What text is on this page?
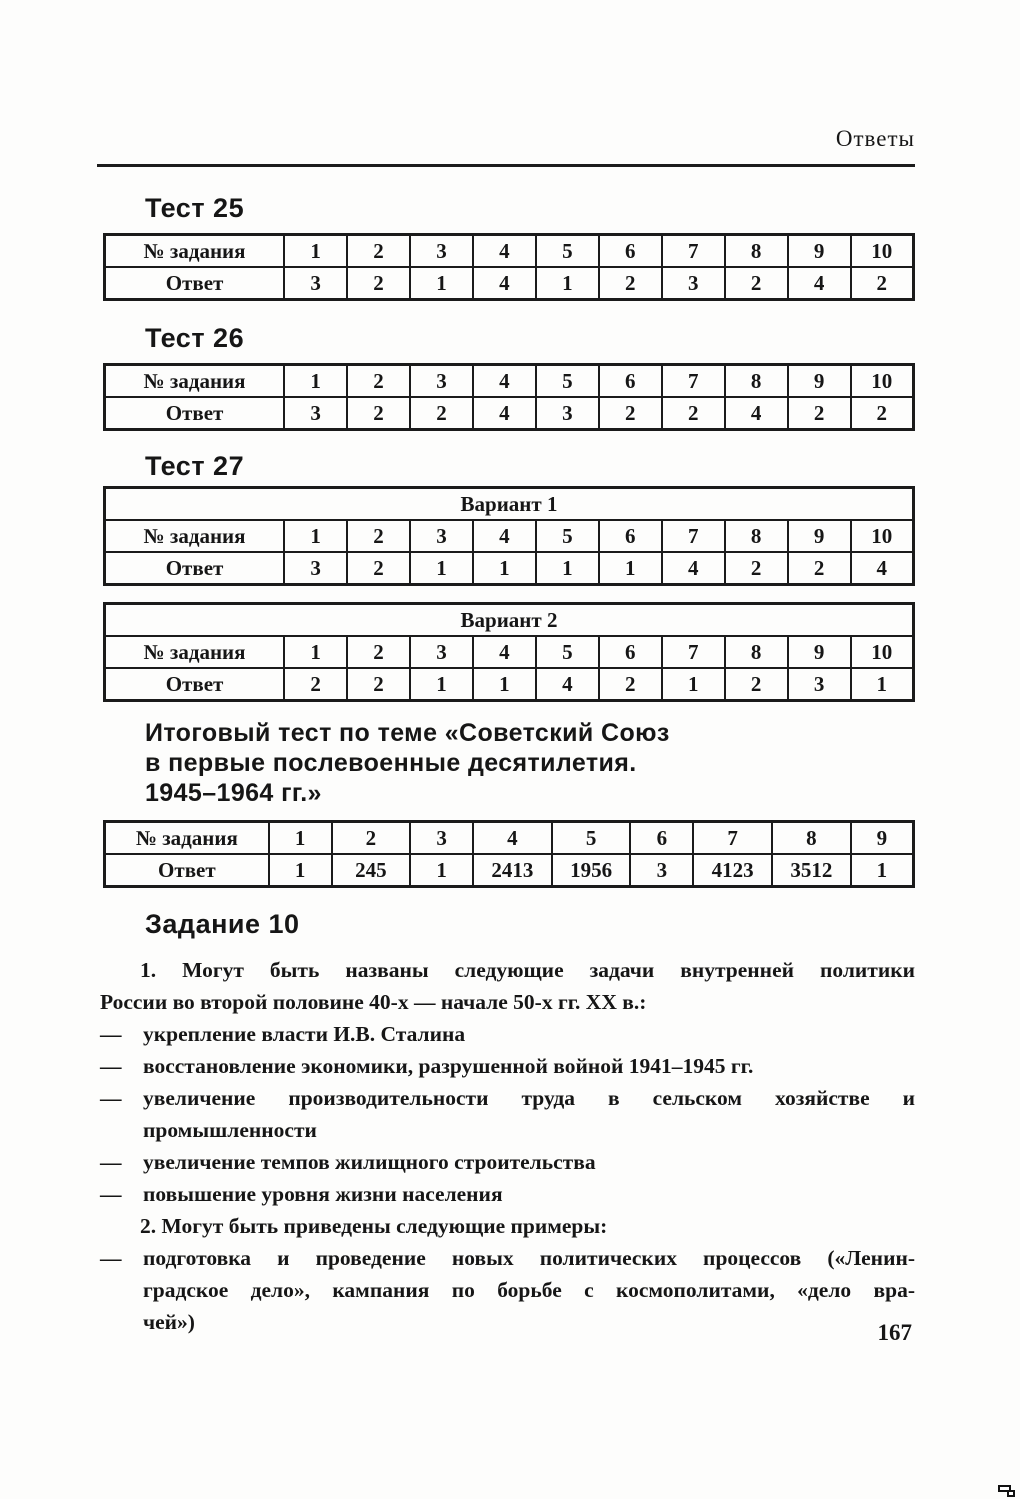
Ответы
Тест 25
№ задания	1	2	3	4	5	6	7	8	9	10
Ответ	3	2	1	4	1	2	3	2	4	2
Тест 26
№ задания	1	2	3	4	5	6	7	8	9	10
Ответ	3	2	2	4	3	2	2	4	2	2
Тест 27
Вариант 1										
№ задания	1	2	3	4	5	6	7	8	9	10
Ответ	3	2	1	1	1	1	4	2	2	4
Вариант 2										
№ задания	1	2	3	4	5	6	7	8	9	10
Ответ	2	2	1	1	4	2	1	2	3	1
Итоговый тест по теме «Советский Союз
в первые послевоенные десятилетия.
1945–1964 гг.»
№ задания	1	2	3	4	5	6	7	8	9
Ответ	1	245	1	2413	1956	3	4123	3512	1
Задание 10
1. Могут быть названы следующие задачи внутренней политики
России во второй половине 40-х — начале 50-х гг. XX в.:
— укрепление власти И.В. Сталина
— восстановление экономики, разрушенной войной 1941–1945 гг.
— увеличение производительности труда в сельском хозяйстве и
промышленности
— увеличение темпов жилищного строительства
— повышение уровня жизни населения
2. Могут быть приведены следующие примеры:
— подготовка и проведение новых политических процессов («Ленин-
градское дело», кампания по борьбе с космополитами, «дело вра-
чей»)	167
